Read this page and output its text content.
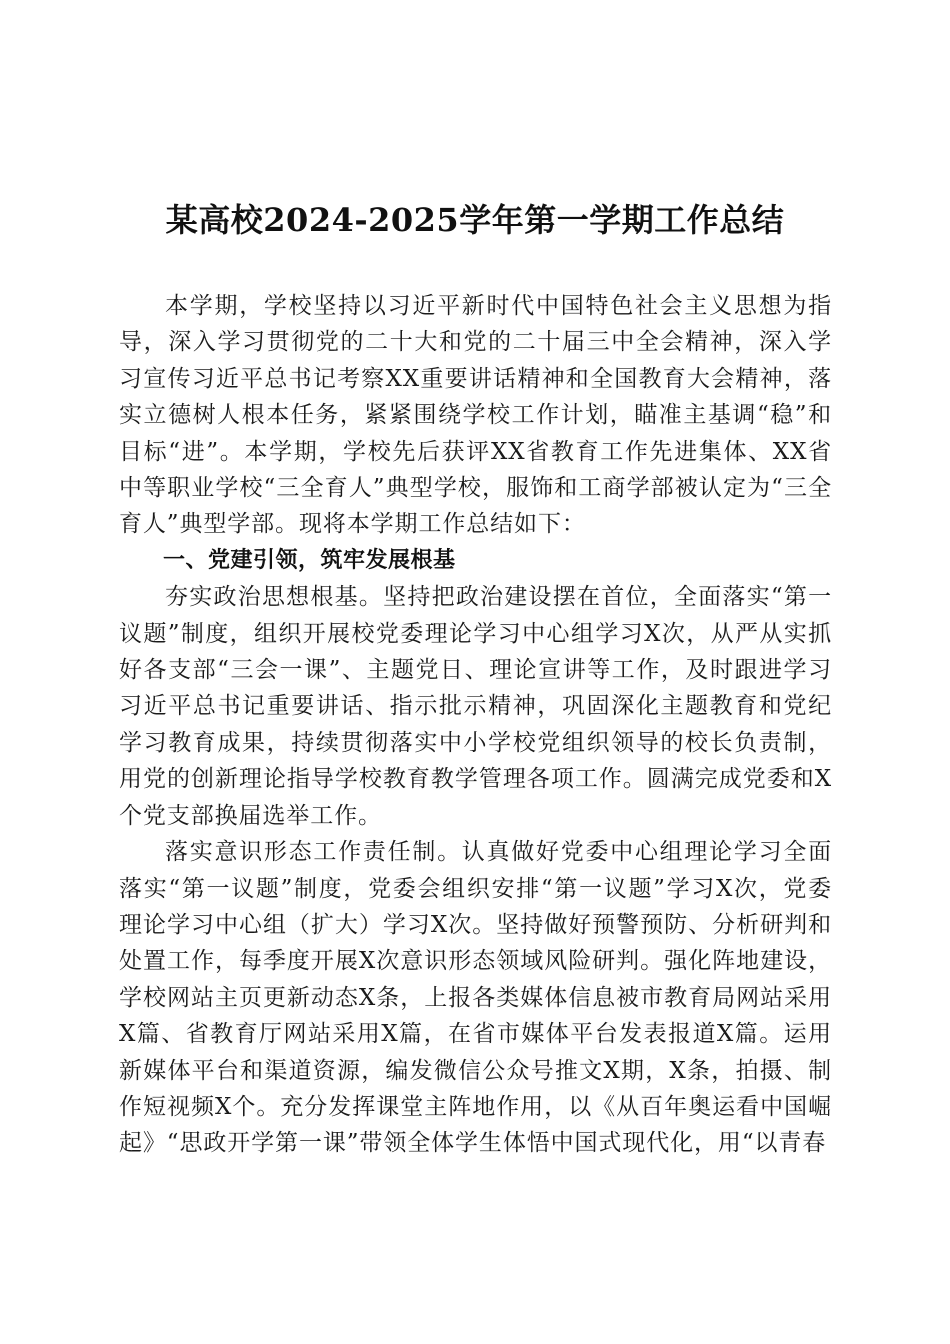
某高校2024-2025学年第一学期工作总结

本学期，学校坚持以习近平新时代中国特色社会主义思想为指导，深入学习贯彻党的二十大和党的二十届三中全会精神，深入学习宣传习近平总书记考察XX重要讲话精神和全国教育大会精神，落实立德树人根本任务，紧紧围绕学校工作计划，瞄准主基调“稳”和目标“进”。本学期，学校先后获评XX省教育工作先进集体、XX省中等职业学校“三全育人”典型学校，服饰和工商学部被认定为“三全育人”典型学部。现将本学期工作总结如下：

一、党建引领，筑牢发展根基

夯实政治思想根基。坚持把政治建设摆在首位，全面落实“第一议题”制度，组织开展校党委理论学习中心组学习X次，从严从实抓好各支部“三会一课”、主题党日、理论宣讲等工作，及时跟进学习习近平总书记重要讲话、指示批示精神，巩固深化主题教育和党纪学习教育成果，持续贯彻落实中小学校党组织领导的校长负责制，用党的创新理论指导学校教育教学管理各项工作。圆满完成党委和X个党支部换届选举工作。

落实意识形态工作责任制。认真做好党委中心组理论学习全面落实“第一议题”制度，党委会组织安排“第一议题”学习X次，党委理论学习中心组（扩大）学习X次。坚持做好预警预防、分析研判和处置工作，每季度开展X次意识形态领域风险研判。强化阵地建设，学校网站主页更新动态X条，上报各类媒体信息被市教育局网站采用X篇、省教育厅网站采用X篇，在省市媒体平台发表报道X篇。运用新媒体平台和渠道资源，编发微信公众号推文X期，X条，拍摄、制作短视频X个。充分发挥课堂主阵地作用，以《从百年奥运看中国崛起》“思政开学第一课”带领全体学生体悟中国式现代化，用“以青春
